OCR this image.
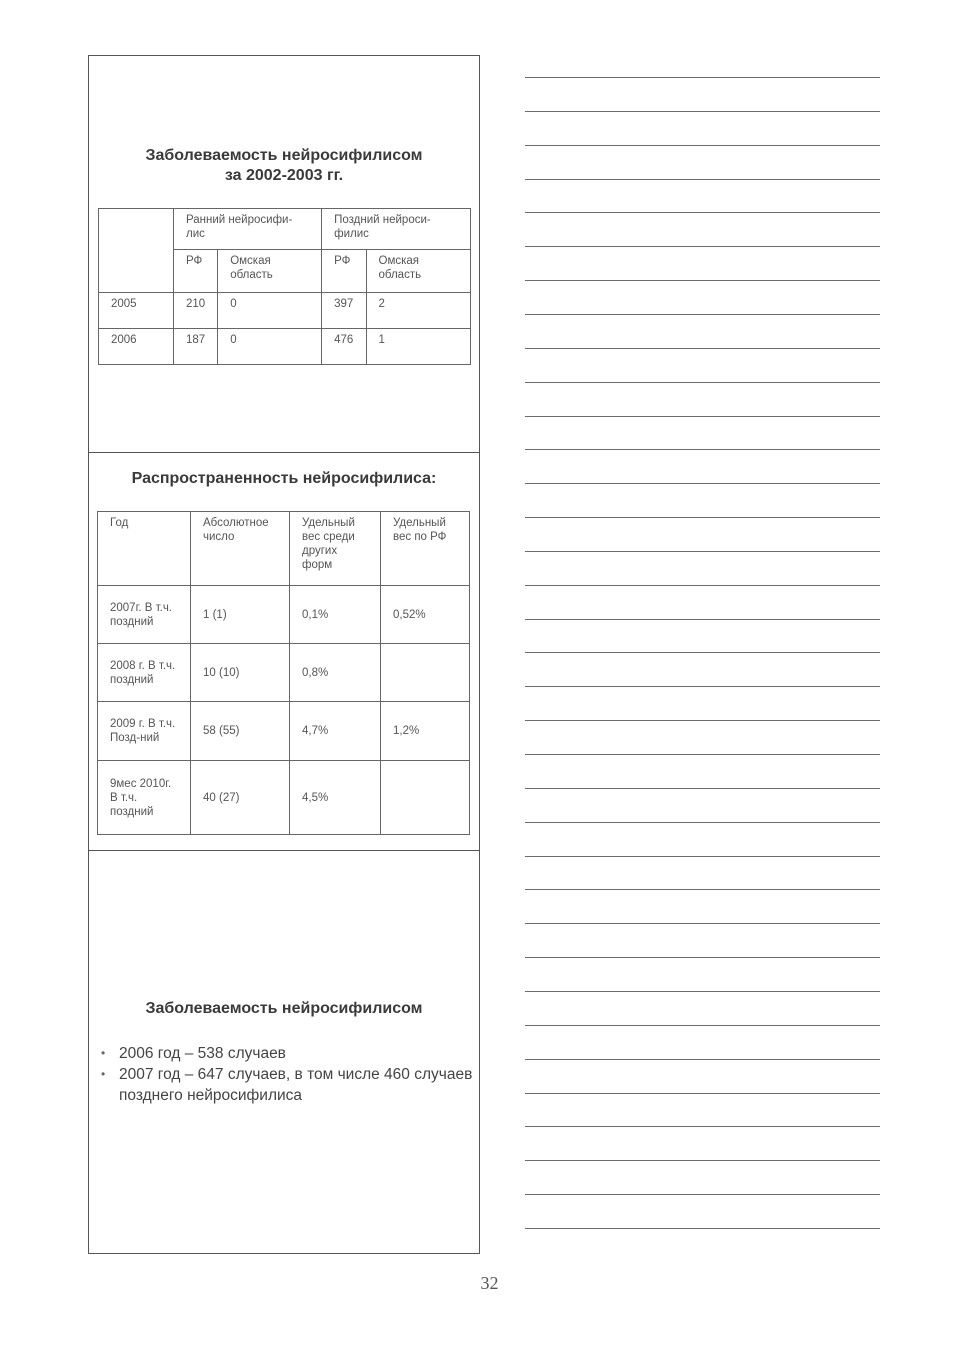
Заболеваемость нейросифилисом
за 2002-2003 гг.
	Ранний нейросифи-лис		Поздний нейроси-филис	
	РФ	Омская область	РФ	Омская область
2005	210	0	397	2
2006	187	0	476	1
Распространенность нейросифилиса:
Год	Абсолютное число	Удельный вес среди других форм	Удельный вес по РФ
2007г. В т.ч. поздний	1 (1)	0,1%	0,52%
2008 г. В т.ч. поздний	10 (10)	0,8%	
2009 г. В т.ч. Позд-ний	58 (55)	4,7%	1,2%
9мес 2010г. В т.ч. поздний	40 (27)	4,5%	
Заболеваемость нейросифилисом
• 2006 год – 538 случаев
• 2007 год – 647 случаев, в том числе 460 случаев позднего нейросифилиса
32
